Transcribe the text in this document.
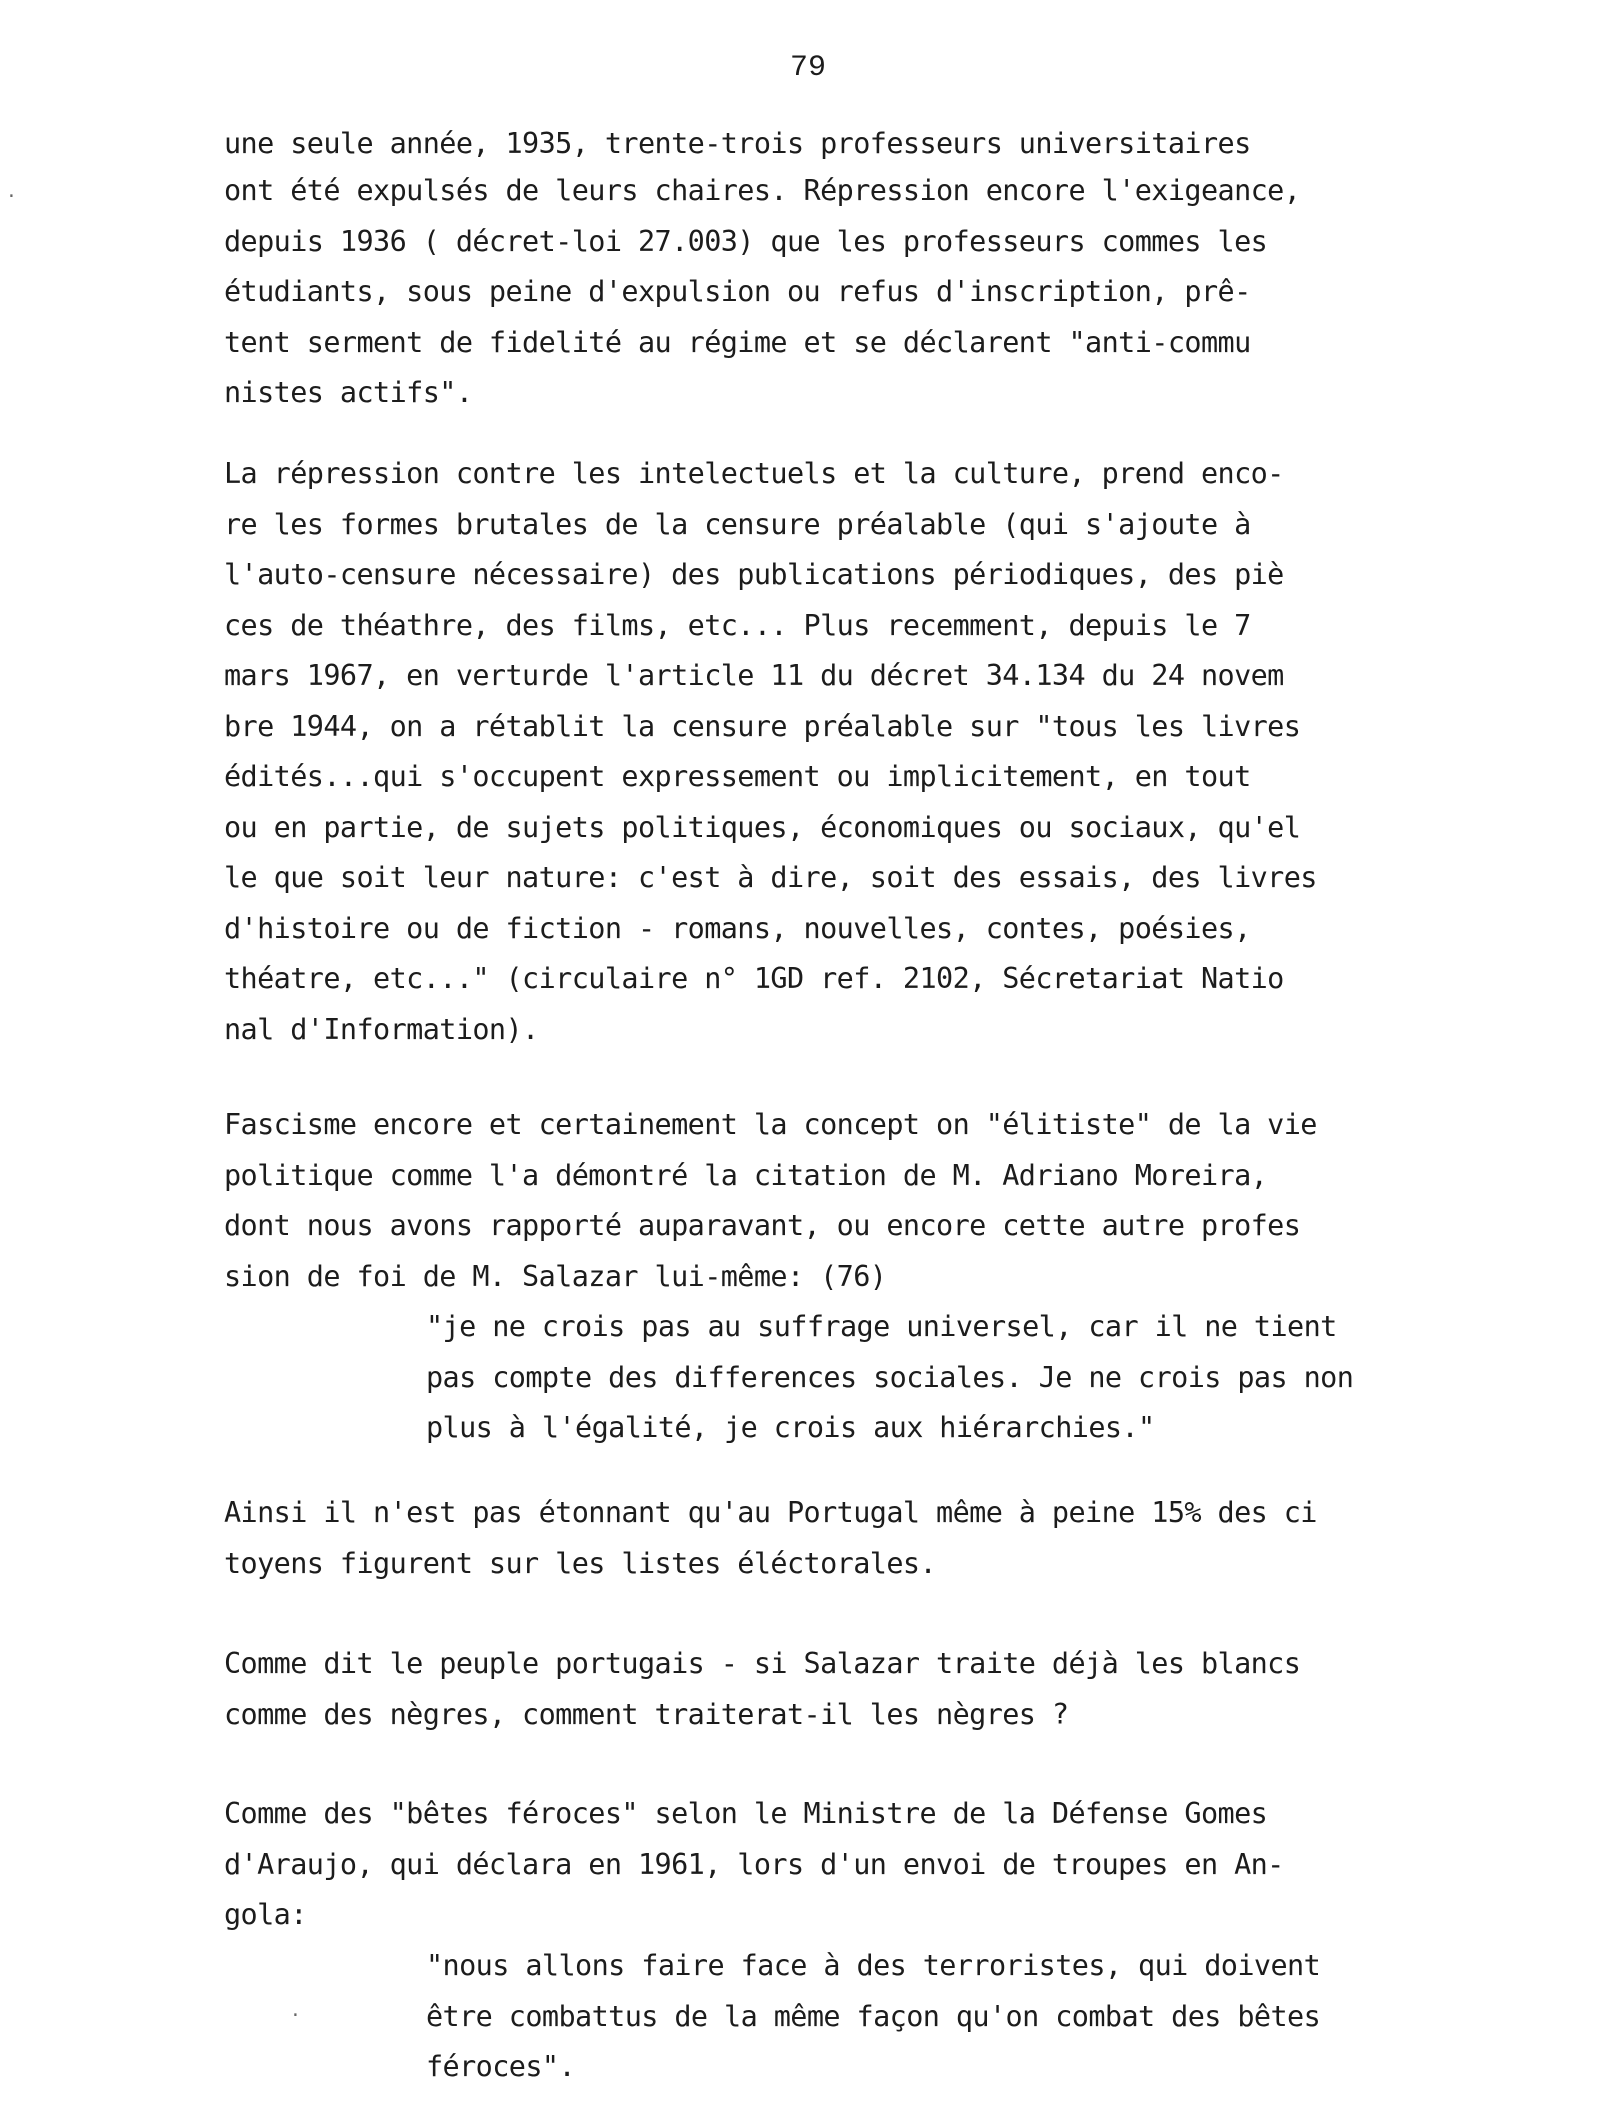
79

une seule année, 1935, trente-trois professeurs universitaires
ont été expulsés de leurs chaires. Répression encore l'exigeance,
depuis 1936 ( décret-loi 27.003) que les professeurs commes les
étudiants, sous peine d'expulsion ou refus d'inscription, prê-
tent serment de fidelité au régime et se déclarent "anti-commu
nistes actifs".

La répression contre les intelectuels et la culture, prend enco-
re les formes brutales de la censure préalable (qui s'ajoute à
l'auto-censure nécessaire) des publications périodiques, des piè
ces de théathre, des films, etc... Plus recemment, depuis le 7
mars 1967, en verturde l'article 11 du décret 34.134 du 24 novem
bre 1944, on a rétablit la censure préalable sur "tous les livres
édités...qui s'occupent expressement ou implicitement, en tout
ou en partie, de sujets politiques, économiques ou sociaux, qu'el
le que soit leur nature: c'est à dire, soit des essais, des livres
d'histoire ou de fiction - romans, nouvelles, contes, poésies,
théatre, etc..." (circulaire n° 1GD ref. 2102, Sécretariat Natio
nal d'Information).

Fascisme encore et certainement la concept on "élitiste" de la vie
politique comme l'a démontré la citation de M. Adriano Moreira,
dont nous avons rapporté auparavant, ou encore cette autre profes
sion de foi de M. Salazar lui-même: (76)

"je ne crois pas au suffrage universel, car il ne tient
pas compte des differences sociales. Je ne crois pas non
plus à l'égalité, je crois aux hiérarchies."

Ainsi il n'est pas étonnant qu'au Portugal même à peine 15% des ci
toyens figurent sur les listes éléctorales.

Comme dit le peuple portugais - si Salazar traite déjà les blancs
comme des nègres, comment traiterat-il les nègres ?

Comme des "bêtes féroces" selon le Ministre de la Défense Gomes
d'Araujo, qui déclara en 1961, lors d'un envoi de troupes en An-
gola:

"nous allons faire face à des terroristes, qui doivent
être combattus de la même façon qu'on combat des bêtes
féroces".

·
·
